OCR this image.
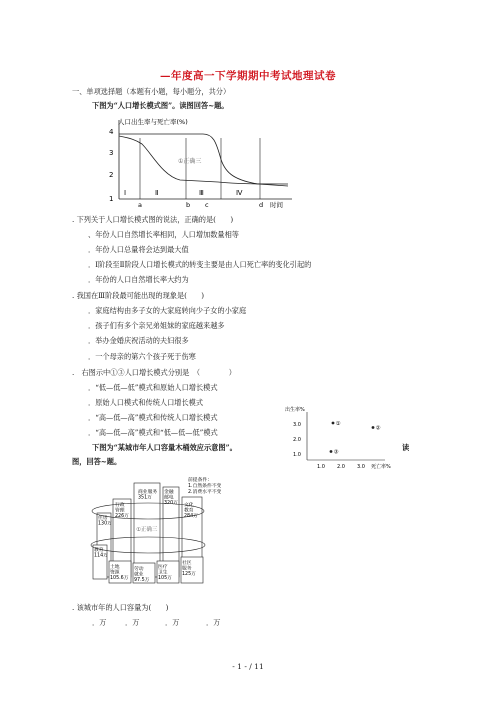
—年度高一下学期期中考试地理试卷
一、单项选择题（本题有小题，每小题分，共分）
下图为“人口增长模式图”。读图回答~题。
人口出生率与死亡率(%)
4
3
2
1
①正确三
Ⅰ	Ⅱ	Ⅲ	Ⅳ
a	b c	d 时间
. 下列关于人口增长模式图的说法，正确的是(　　)
、年份人口自然增长率相同，人口增加数量相等
．年份人口总量将会达到最大值
．Ⅰ阶段至Ⅱ阶段人口增长模式的转变主要是由人口死亡率的变化引起的
．年份的人口自然增长率大约为
. 我国在Ⅲ阶段最可能出现的现象是(　　)
．家庭结构由多子女的大家庭转向少子女的小家庭
．孩子们有多个亲兄弟姐妹的家庭越来越多
．举办金婚庆祝活动的夫妇很多
．一个母亲的第六个孩子死于伤寒
.　右图示中①③人口增长模式分别是　（　　　　）
．“低—低—低”模式和原始人口增长模式
．原始人口模式和传统人口增长模式
．“高—低—高”模式和传统人口增长模式
．“高—低—高”模式和“低—低—低”模式
出生率%
3.0
2.0
1.0
1.0 2.0 3.0 死亡率%
①
②
③
下图为“某城市年人口容量木桶效应示意图”。	读
图，回答~题。
①正确三
行政
管理
226万
商业服务
351万
金融
邮电
320万 文化
教育
284万
住房
130万
教育
114万
土地
资源
105.6万
劳动
就业
97.5万
医疗
卫生
105万
社区
服务
125万
前提条件：
1.自然条件不变
2.消费水平不变
. 该城市年的人口容量为(　　)
．万	．万	．万	．万
- 1 - / 11
